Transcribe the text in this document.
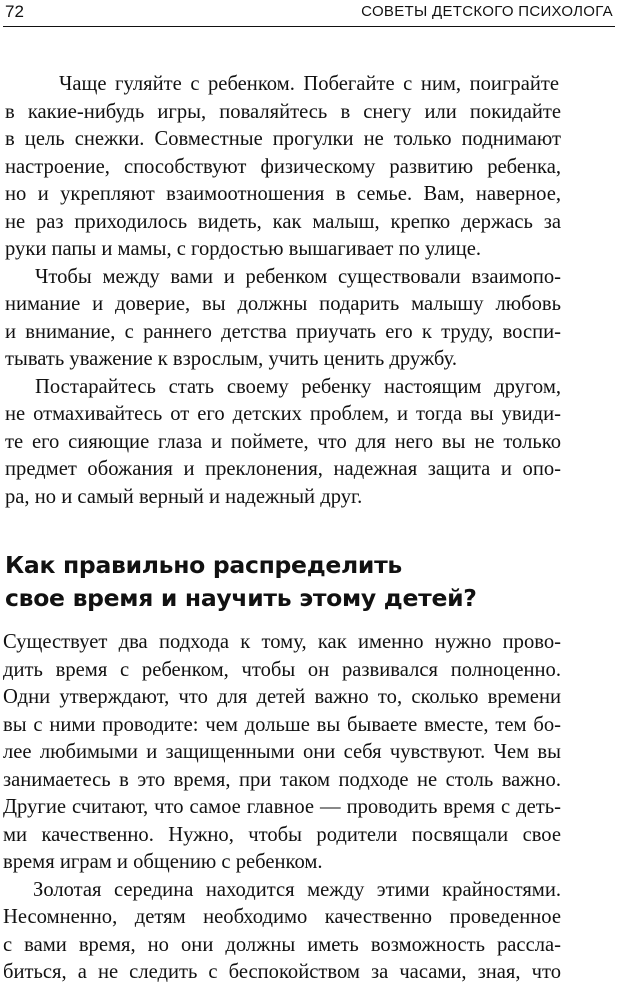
72	СОВЕТЫ ДЕТСКОГО ПСИХОЛОГА

Чаще гуляйте с ребенком. Побегайте с ним, поиграйте

в какие-нибудь игры, поваляйтесь в снегу или покидайте

в цель снежки. Совместные прогулки не только поднимают

настроение, способствуют физическому развитию ребенка,

но и укрепляют взаимоотношения в семье. Вам, наверное,

не раз приходилось видеть, как малыш, крепко держась за

руки папы и мамы, с гордостью вышагивает по улице.

Чтобы между вами и ребенком существовали взаимопо-

нимание и доверие, вы должны подарить малышу любовь

и внимание, с раннего детства приучать его к труду, воспи-

тывать уважение к взрослым, учить ценить дружбу.

Постарайтесь стать своему ребенку настоящим другом,

не отмахивайтесь от его детских проблем, и тогда вы увиди-

те его сияющие глаза и поймете, что для него вы не только

предмет обожания и преклонения, надежная защита и опо-

ра, но и самый верный и надежный друг.

Как правильно распределить
свое время и научить этому детей?

Существует два подхода к тому, как именно нужно прово-

дить время с ребенком, чтобы он развивался полноценно.

Одни утверждают, что для детей важно то, сколько времени

вы с ними проводите: чем дольше вы бываете вместе, тем бо-

лее любимыми и защищенными они себя чувствуют. Чем вы

занимаетесь в это время, при таком подходе не столь важно.

Другие считают, что самое главное — проводить время с деть-

ми качественно. Нужно, чтобы родители посвящали свое

время играм и общению с ребенком.

Золотая середина находится между этими крайностями.

Несомненно, детям необходимо качественно проведенное

с вами время, но они должны иметь возможность рассла-

биться, а не следить с беспокойством за часами, зная, что
